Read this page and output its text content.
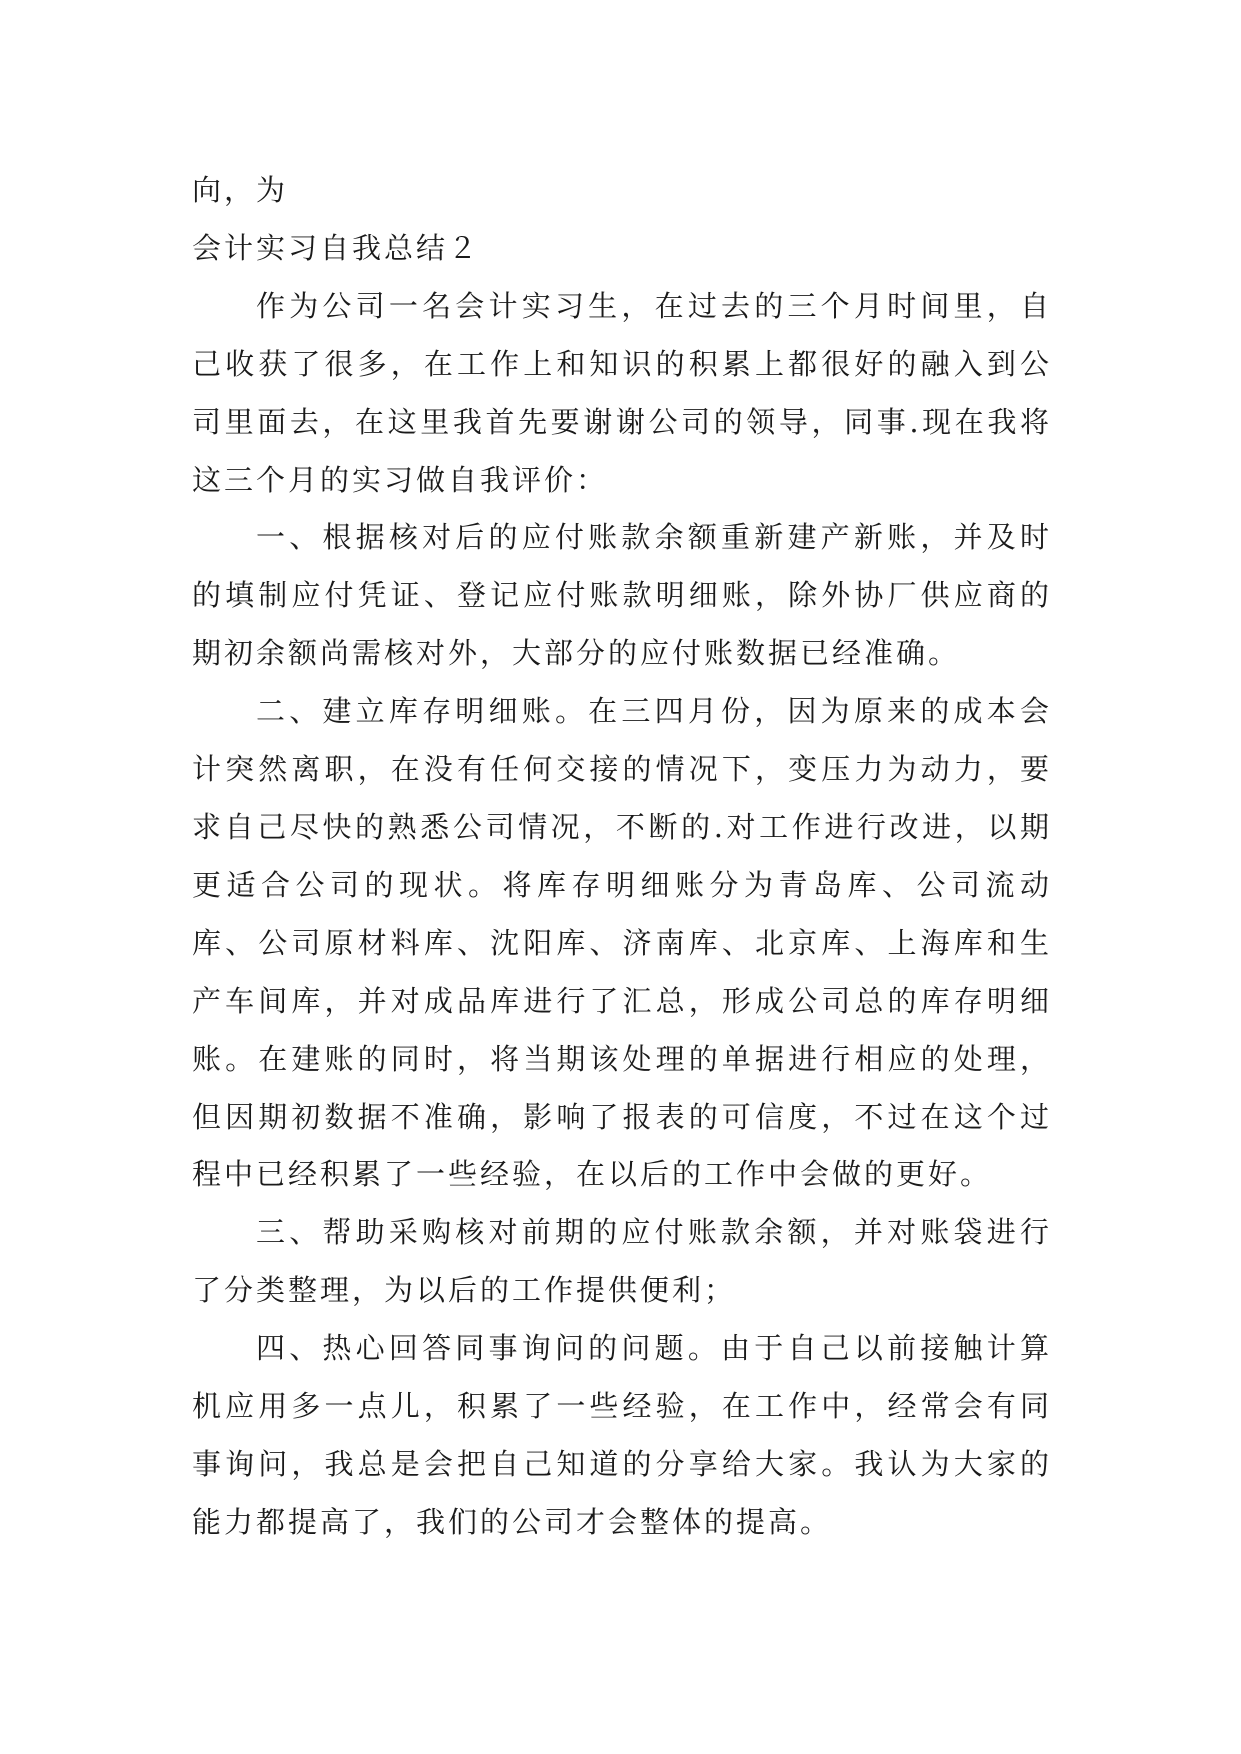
向，为

会计实习自我总结２

作为公司一名会计实习生，在过去的三个月时间里，自己收获了很多，在工作上和知识的积累上都很好的融入到公司里面去，在这里我首先要谢谢公司的领导，同事.现在我将这三个月的实习做自我评价：

一、根据核对后的应付账款余额重新建产新账，并及时的填制应付凭证、登记应付账款明细账，除外协厂供应商的期初余额尚需核对外，大部分的应付账数据已经准确。

二、建立库存明细账。在三四月份，因为原来的成本会计突然离职，在没有任何交接的情况下，变压力为动力，要求自己尽快的熟悉公司情况，不断的.对工作进行改进，以期更适合公司的现状。将库存明细账分为青岛库、公司流动库、公司原材料库、沈阳库、济南库、北京库、上海库和生产车间库，并对成品库进行了汇总，形成公司总的库存明细账。在建账的同时，将当期该处理的单据进行相应的处理，但因期初数据不准确，影响了报表的可信度，不过在这个过程中已经积累了一些经验，在以后的工作中会做的更好。

三、帮助采购核对前期的应付账款余额，并对账袋进行了分类整理，为以后的工作提供便利；

四、热心回答同事询问的问题。由于自己以前接触计算机应用多一点儿，积累了一些经验，在工作中，经常会有同事询问，我总是会把自己知道的分享给大家。我认为大家的能力都提高了，我们的公司才会整体的提高。
